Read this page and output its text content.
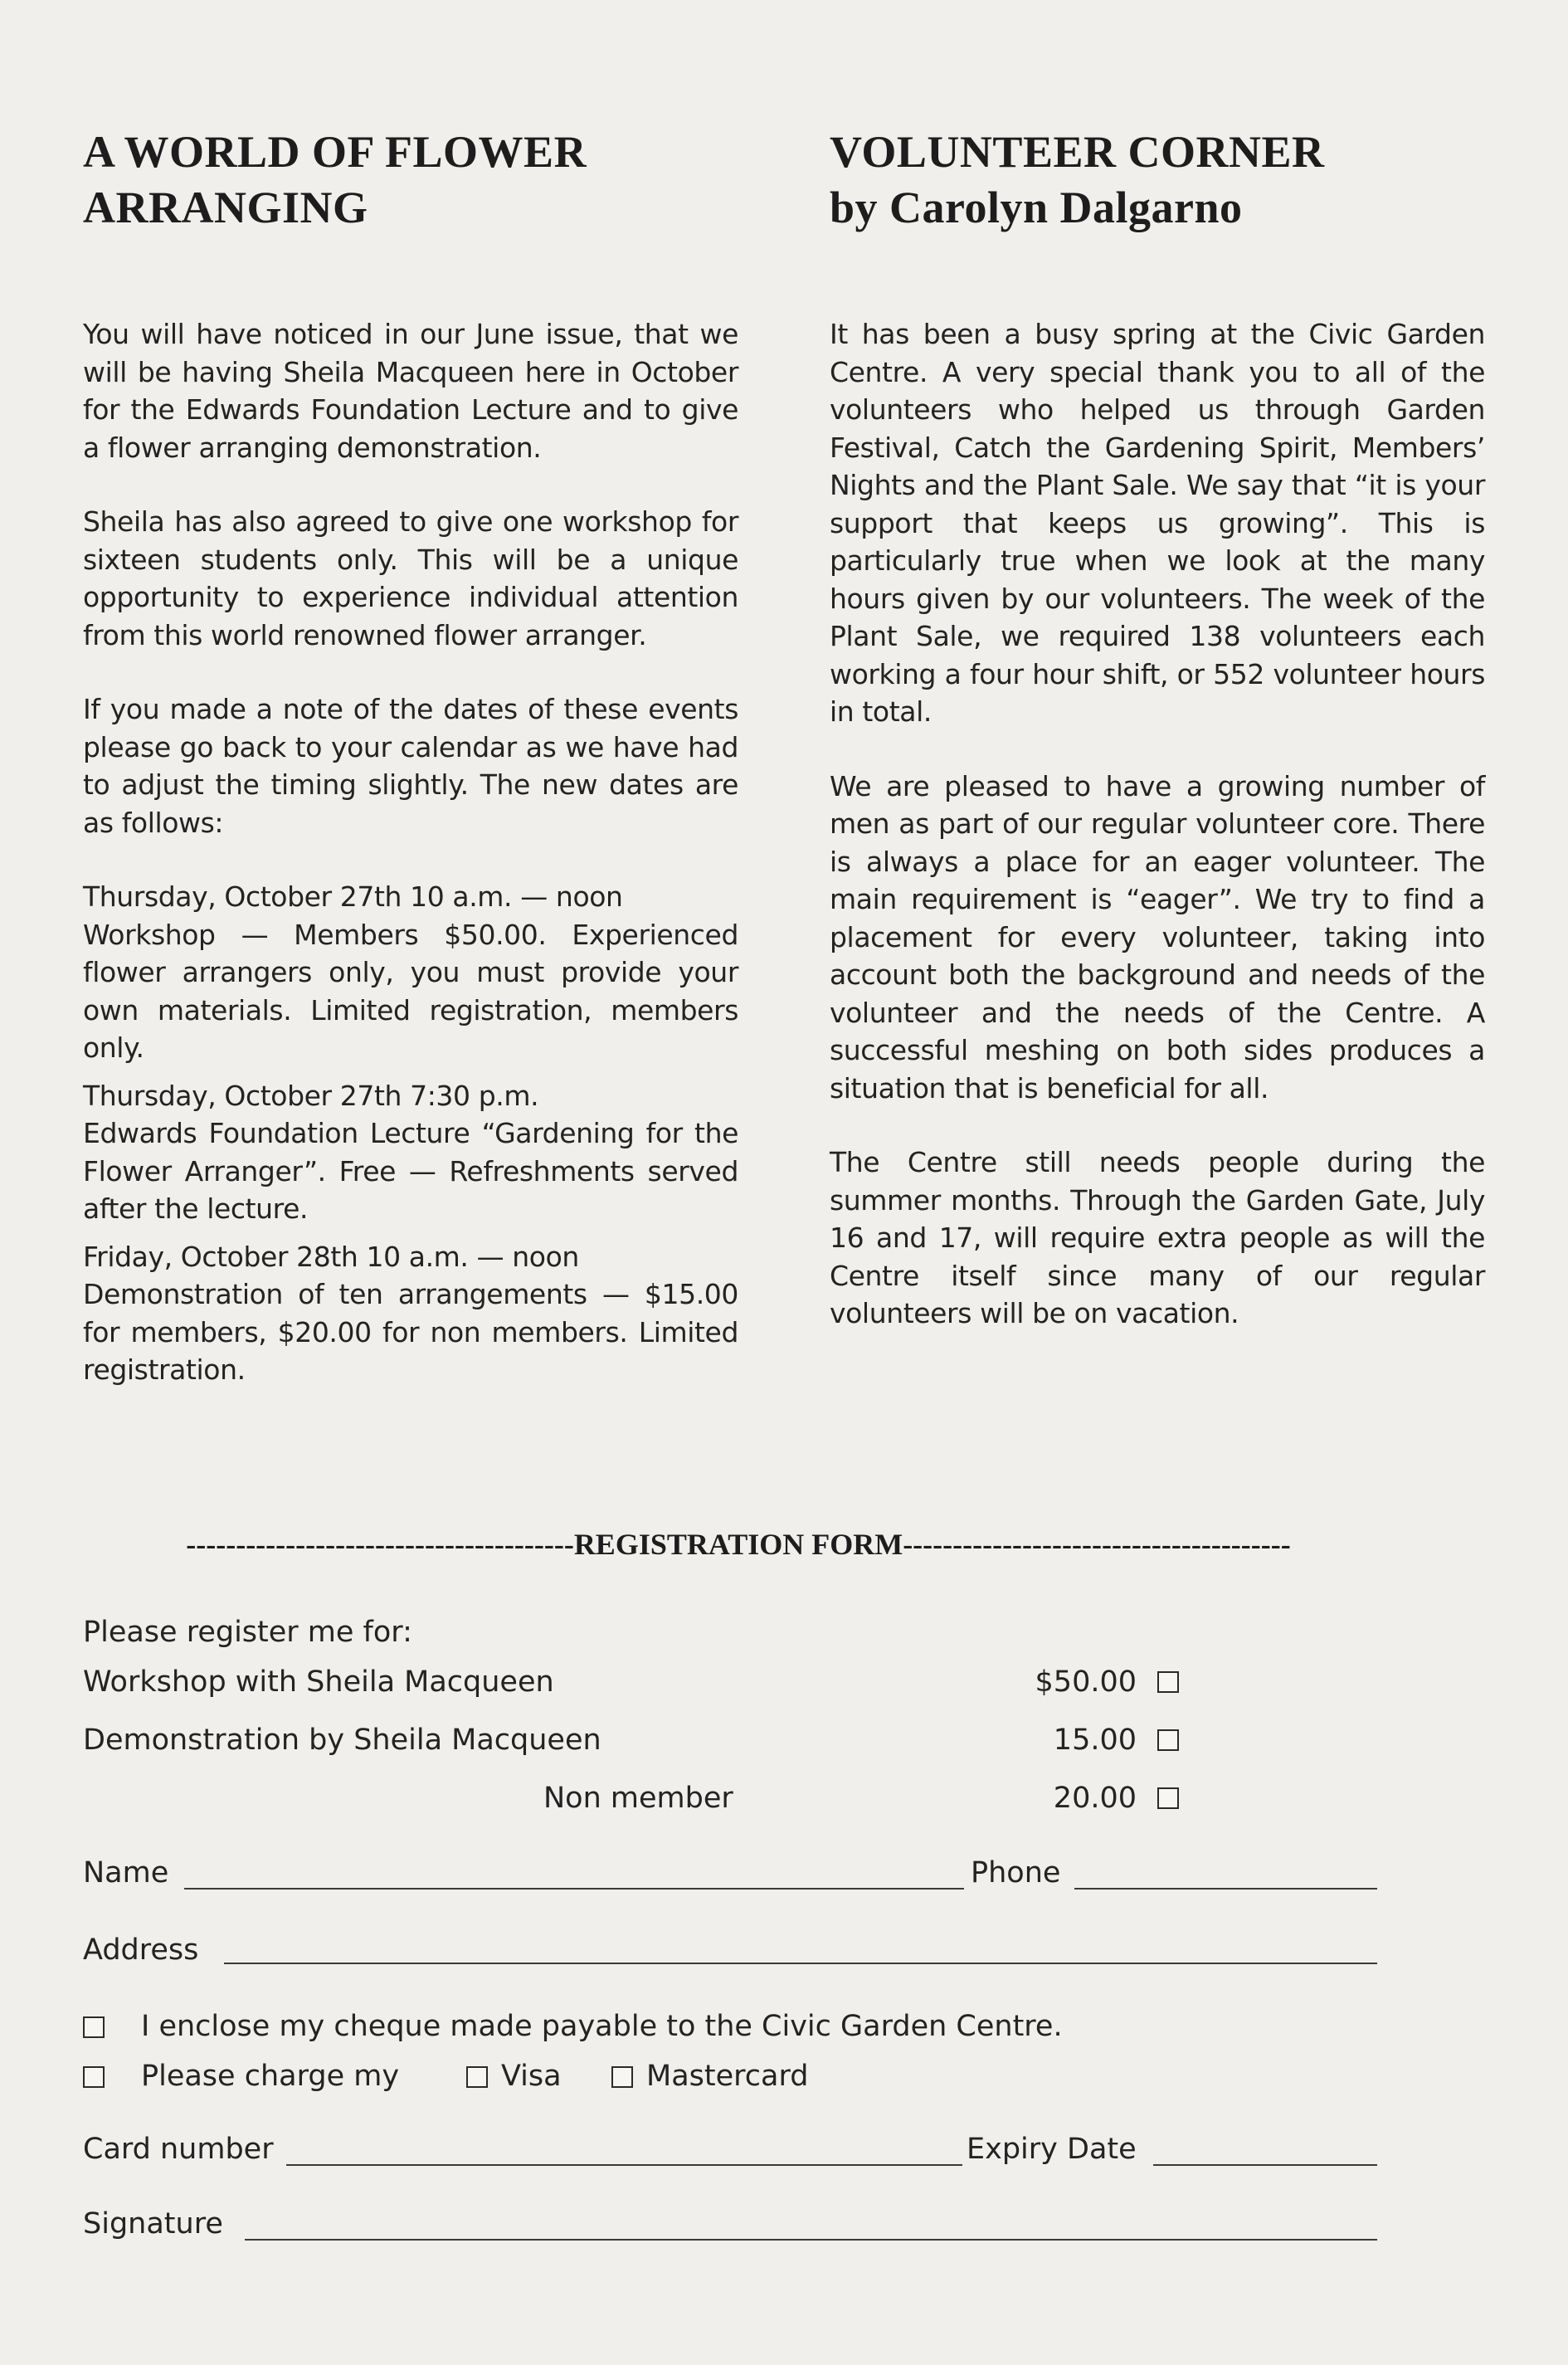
A WORLD OF FLOWER
ARRANGING

You will have noticed in our June issue, that we will be having Sheila Macqueen here in October for the Edwards Foundation Lecture and to give a flower arranging demonstration.

Sheila has also agreed to give one workshop for sixteen students only. This will be a unique opportunity to experience individual attention from this world renowned flower arranger.

If you made a note of the dates of these events please go back to your calendar as we have had to adjust the timing slightly. The new dates are as follows:

Thursday, October 27th 10 a.m. — noon
Workshop — Members $50.00. Experienced flower arrangers only, you must provide your own materials. Limited registration, members only.

Thursday, October 27th 7:30 p.m.
Edwards Foundation Lecture “Gardening for the Flower Arranger”. Free — Refreshments served after the lecture.

Friday, October 28th 10 a.m. — noon
Demonstration of ten arrangements — $15.00 for members, $20.00 for non members. Limited registration.

VOLUNTEER CORNER
by Carolyn Dalgarno

It has been a busy spring at the Civic Garden Centre. A very special thank you to all of the volunteers who helped us through Garden Festival, Catch the Gardening Spirit, Members’ Nights and the Plant Sale. We say that “it is your support that keeps us growing”. This is particularly true when we look at the many hours given by our volunteers. The week of the Plant Sale, we required 138 volunteers each working a four hour shift, or 552 volunteer hours in total.

We are pleased to have a growing number of men as part of our regular volunteer core. There is always a place for an eager volunteer. The main requirement is “eager”. We try to find a placement for every volunteer, taking into account both the background and needs of the volunteer and the needs of the Centre. A successful meshing on both sides produces a situation that is beneficial for all.

The Centre still needs people during the summer months. Through the Garden Gate, July 16 and 17, will require extra people as will the Centre itself since many of our regular volunteers will be on vacation.

---------------------------------------REGISTRATION FORM---------------------------------------
Please register me for:
Workshop with Sheila Macqueen	$50.00
Demonstration by Sheila Macqueen	15.00
Non member	20.00
Name	Phone
Address
I enclose my cheque made payable to the Civic Garden Centre.
Please charge my	Visa	Mastercard
Card number	Expiry Date
Signature
